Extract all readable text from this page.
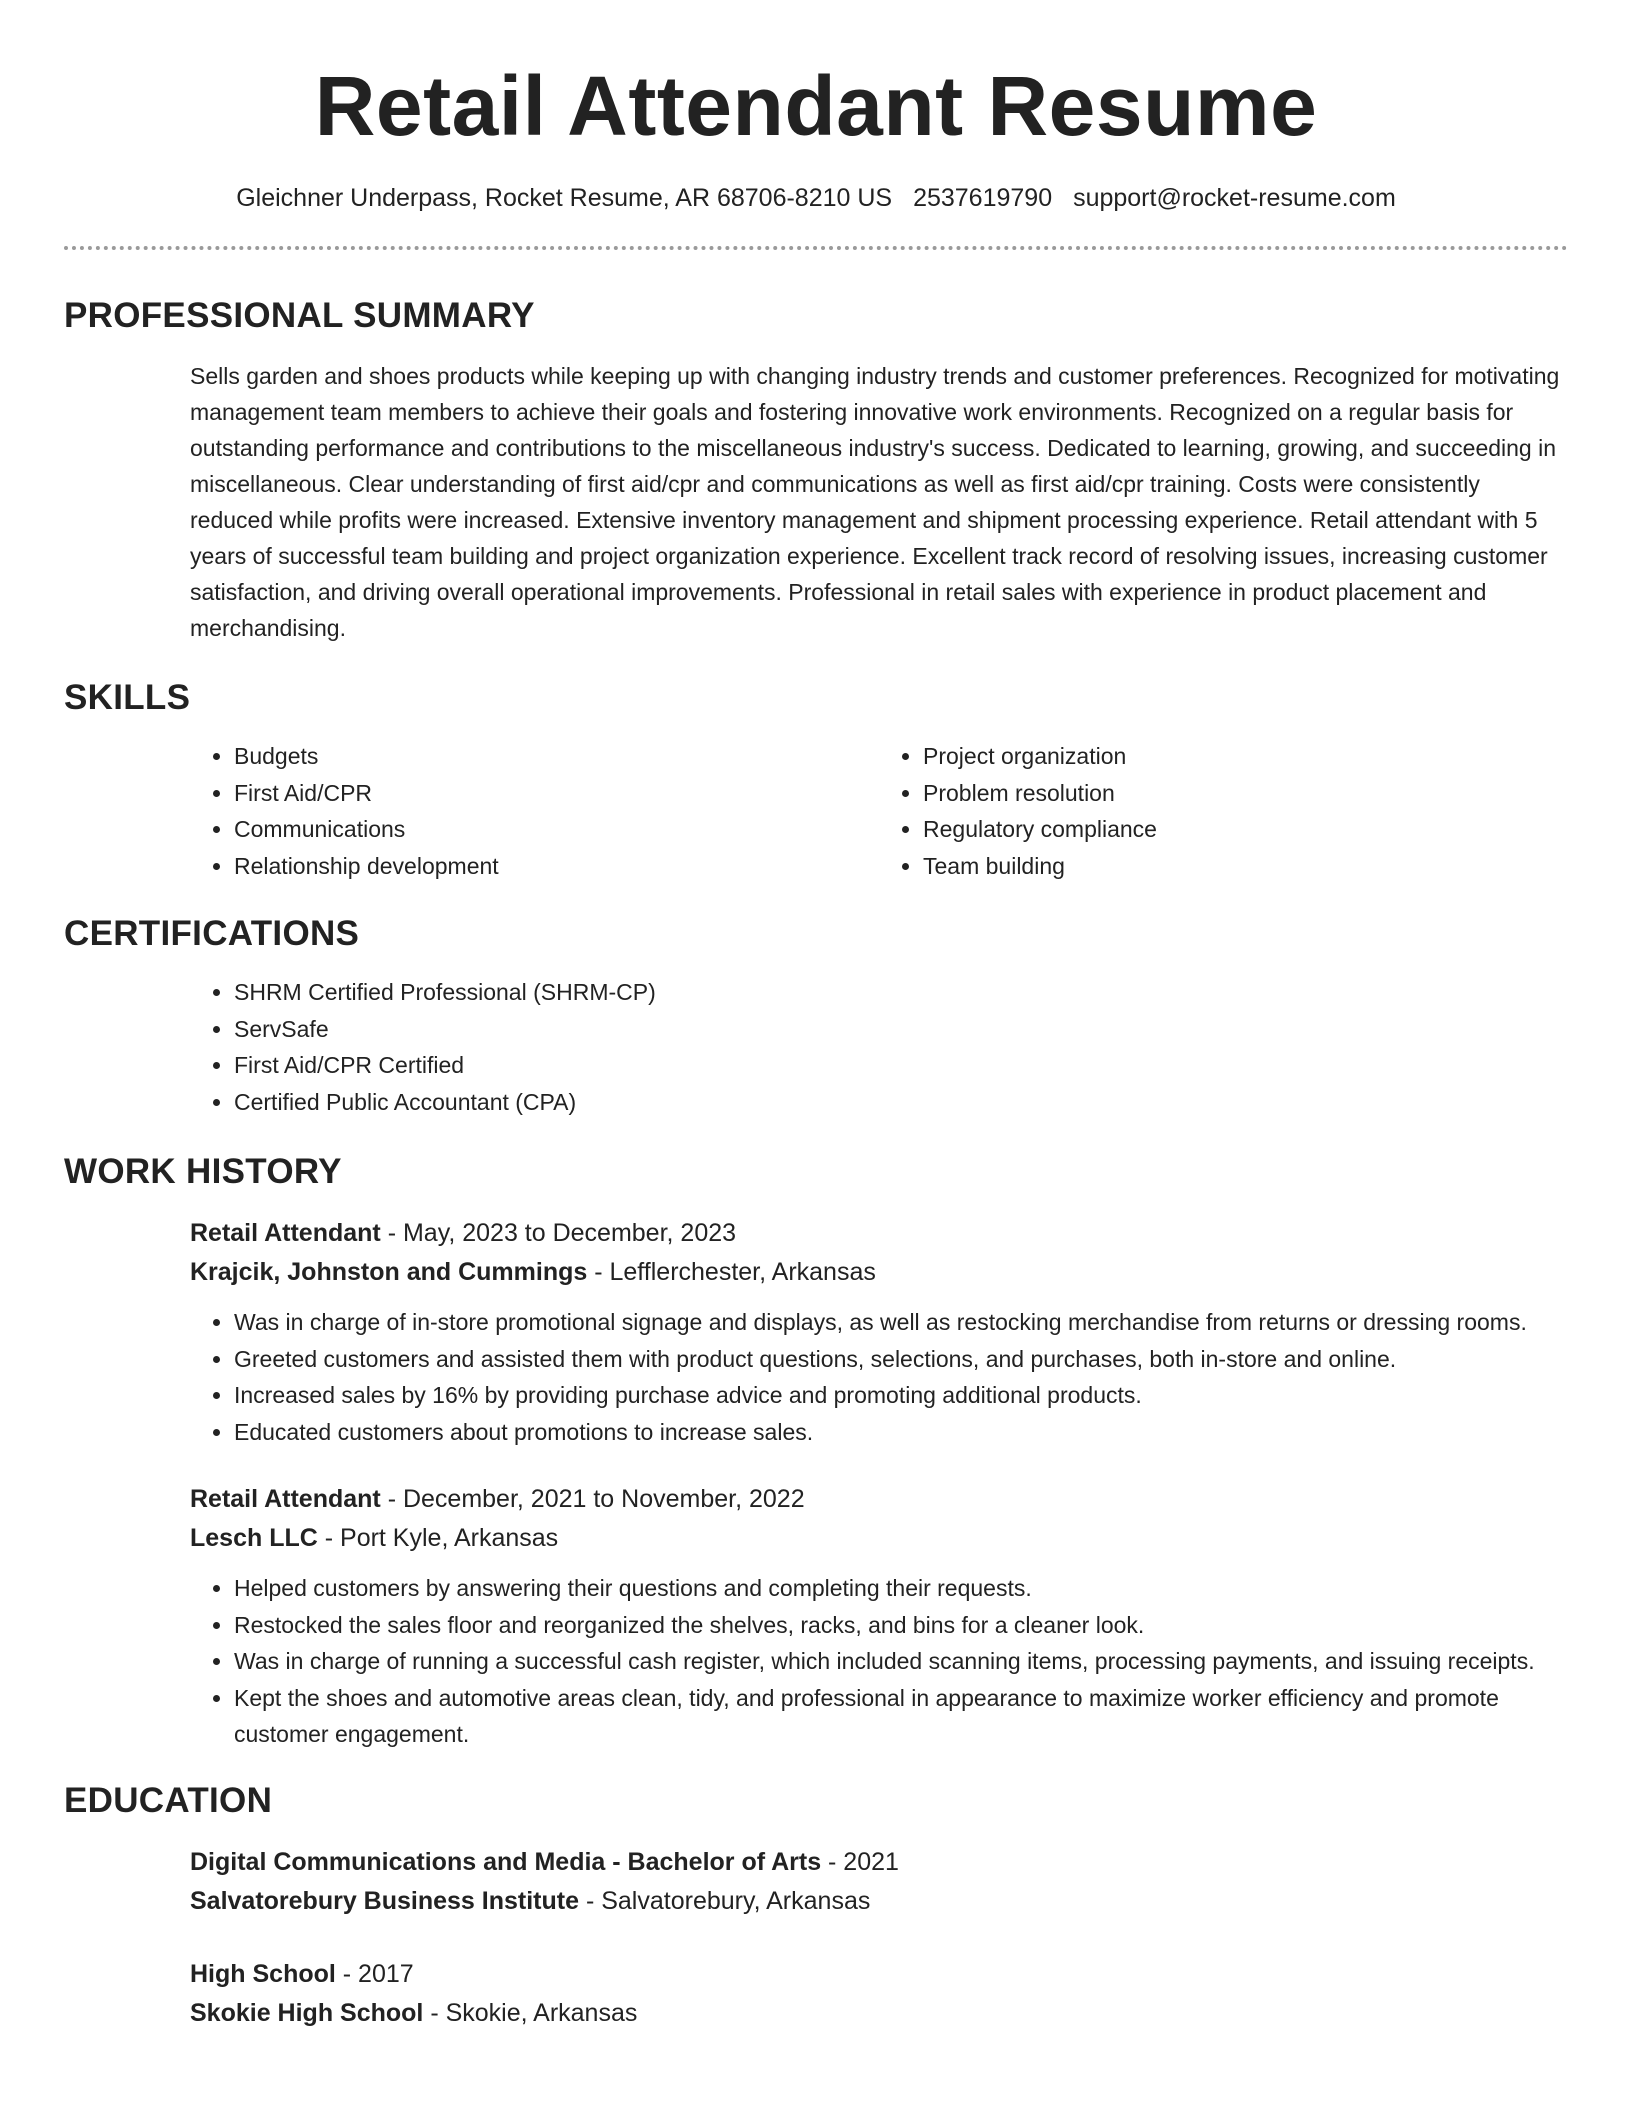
Retail Attendant Resume
Gleichner Underpass, Rocket Resume, AR 68706-8210 US 2537619790 support@rocket-resume.com
PROFESSIONAL SUMMARY

Sells garden and shoes products while keeping up with changing industry trends and customer preferences. Recognized for motivating management team members to achieve their goals and fostering innovative work environments. Recognized on a regular basis for outstanding performance and contributions to the miscellaneous industry's success. Dedicated to learning, growing, and succeeding in miscellaneous. Clear understanding of first aid/cpr and communications as well as first aid/cpr training. Costs were consistently reduced while profits were increased. Extensive inventory management and shipment processing experience. Retail attendant with 5 years of successful team building and project organization experience. Excellent track record of resolving issues, increasing customer satisfaction, and driving overall operational improvements. Professional in retail sales with experience in product placement and merchandising.

SKILLS
• Budgets
• First Aid/CPR
• Communications
• Relationship development
• Project organization
• Problem resolution
• Regulatory compliance
• Team building
CERTIFICATIONS
• SHRM Certified Professional (SHRM-CP)
• ServSafe
• First Aid/CPR Certified
• Certified Public Accountant (CPA)
WORK HISTORY
Retail Attendant - May, 2023 to December, 2023
Krajcik, Johnston and Cummings - Lefflerchester, Arkansas
• Was in charge of in-store promotional signage and displays, as well as restocking merchandise from returns or dressing rooms.
• Greeted customers and assisted them with product questions, selections, and purchases, both in-store and online.
• Increased sales by 16% by providing purchase advice and promoting additional products.
• Educated customers about promotions to increase sales.
Retail Attendant - December, 2021 to November, 2022
Lesch LLC - Port Kyle, Arkansas
• Helped customers by answering their questions and completing their requests.
• Restocked the sales floor and reorganized the shelves, racks, and bins for a cleaner look.
• Was in charge of running a successful cash register, which included scanning items, processing payments, and issuing receipts.
• Kept the shoes and automotive areas clean, tidy, and professional in appearance to maximize worker efficiency and promote customer engagement.
EDUCATION
Digital Communications and Media - Bachelor of Arts - 2021
Salvatorebury Business Institute - Salvatorebury, Arkansas
High School - 2017
Skokie High School - Skokie, Arkansas
